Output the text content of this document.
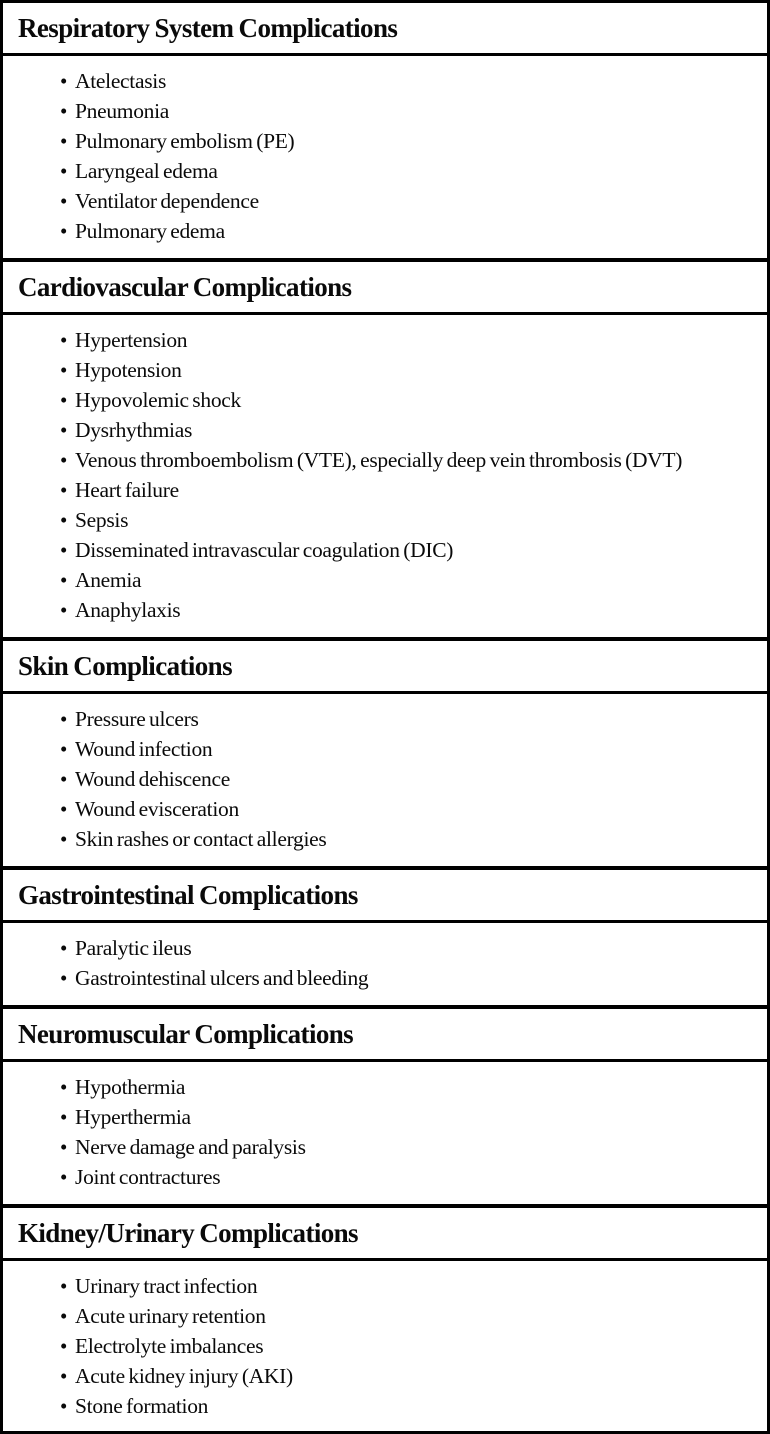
Respiratory System Complications
• Atelectasis
• Pneumonia
• Pulmonary embolism (PE)
• Laryngeal edema
• Ventilator dependence
• Pulmonary edema
Cardiovascular Complications
• Hypertension
• Hypotension
• Hypovolemic shock
• Dysrhythmias
• Venous thromboembolism (VTE), especially deep vein thrombosis (DVT)
• Heart failure
• Sepsis
• Disseminated intravascular coagulation (DIC)
• Anemia
• Anaphylaxis
Skin Complications
• Pressure ulcers
• Wound infection
• Wound dehiscence
• Wound evisceration
• Skin rashes or contact allergies
Gastrointestinal Complications
• Paralytic ileus
• Gastrointestinal ulcers and bleeding
Neuromuscular Complications
• Hypothermia
• Hyperthermia
• Nerve damage and paralysis
• Joint contractures
Kidney/Urinary Complications
• Urinary tract infection
• Acute urinary retention
• Electrolyte imbalances
• Acute kidney injury (AKI)
• Stone formation
